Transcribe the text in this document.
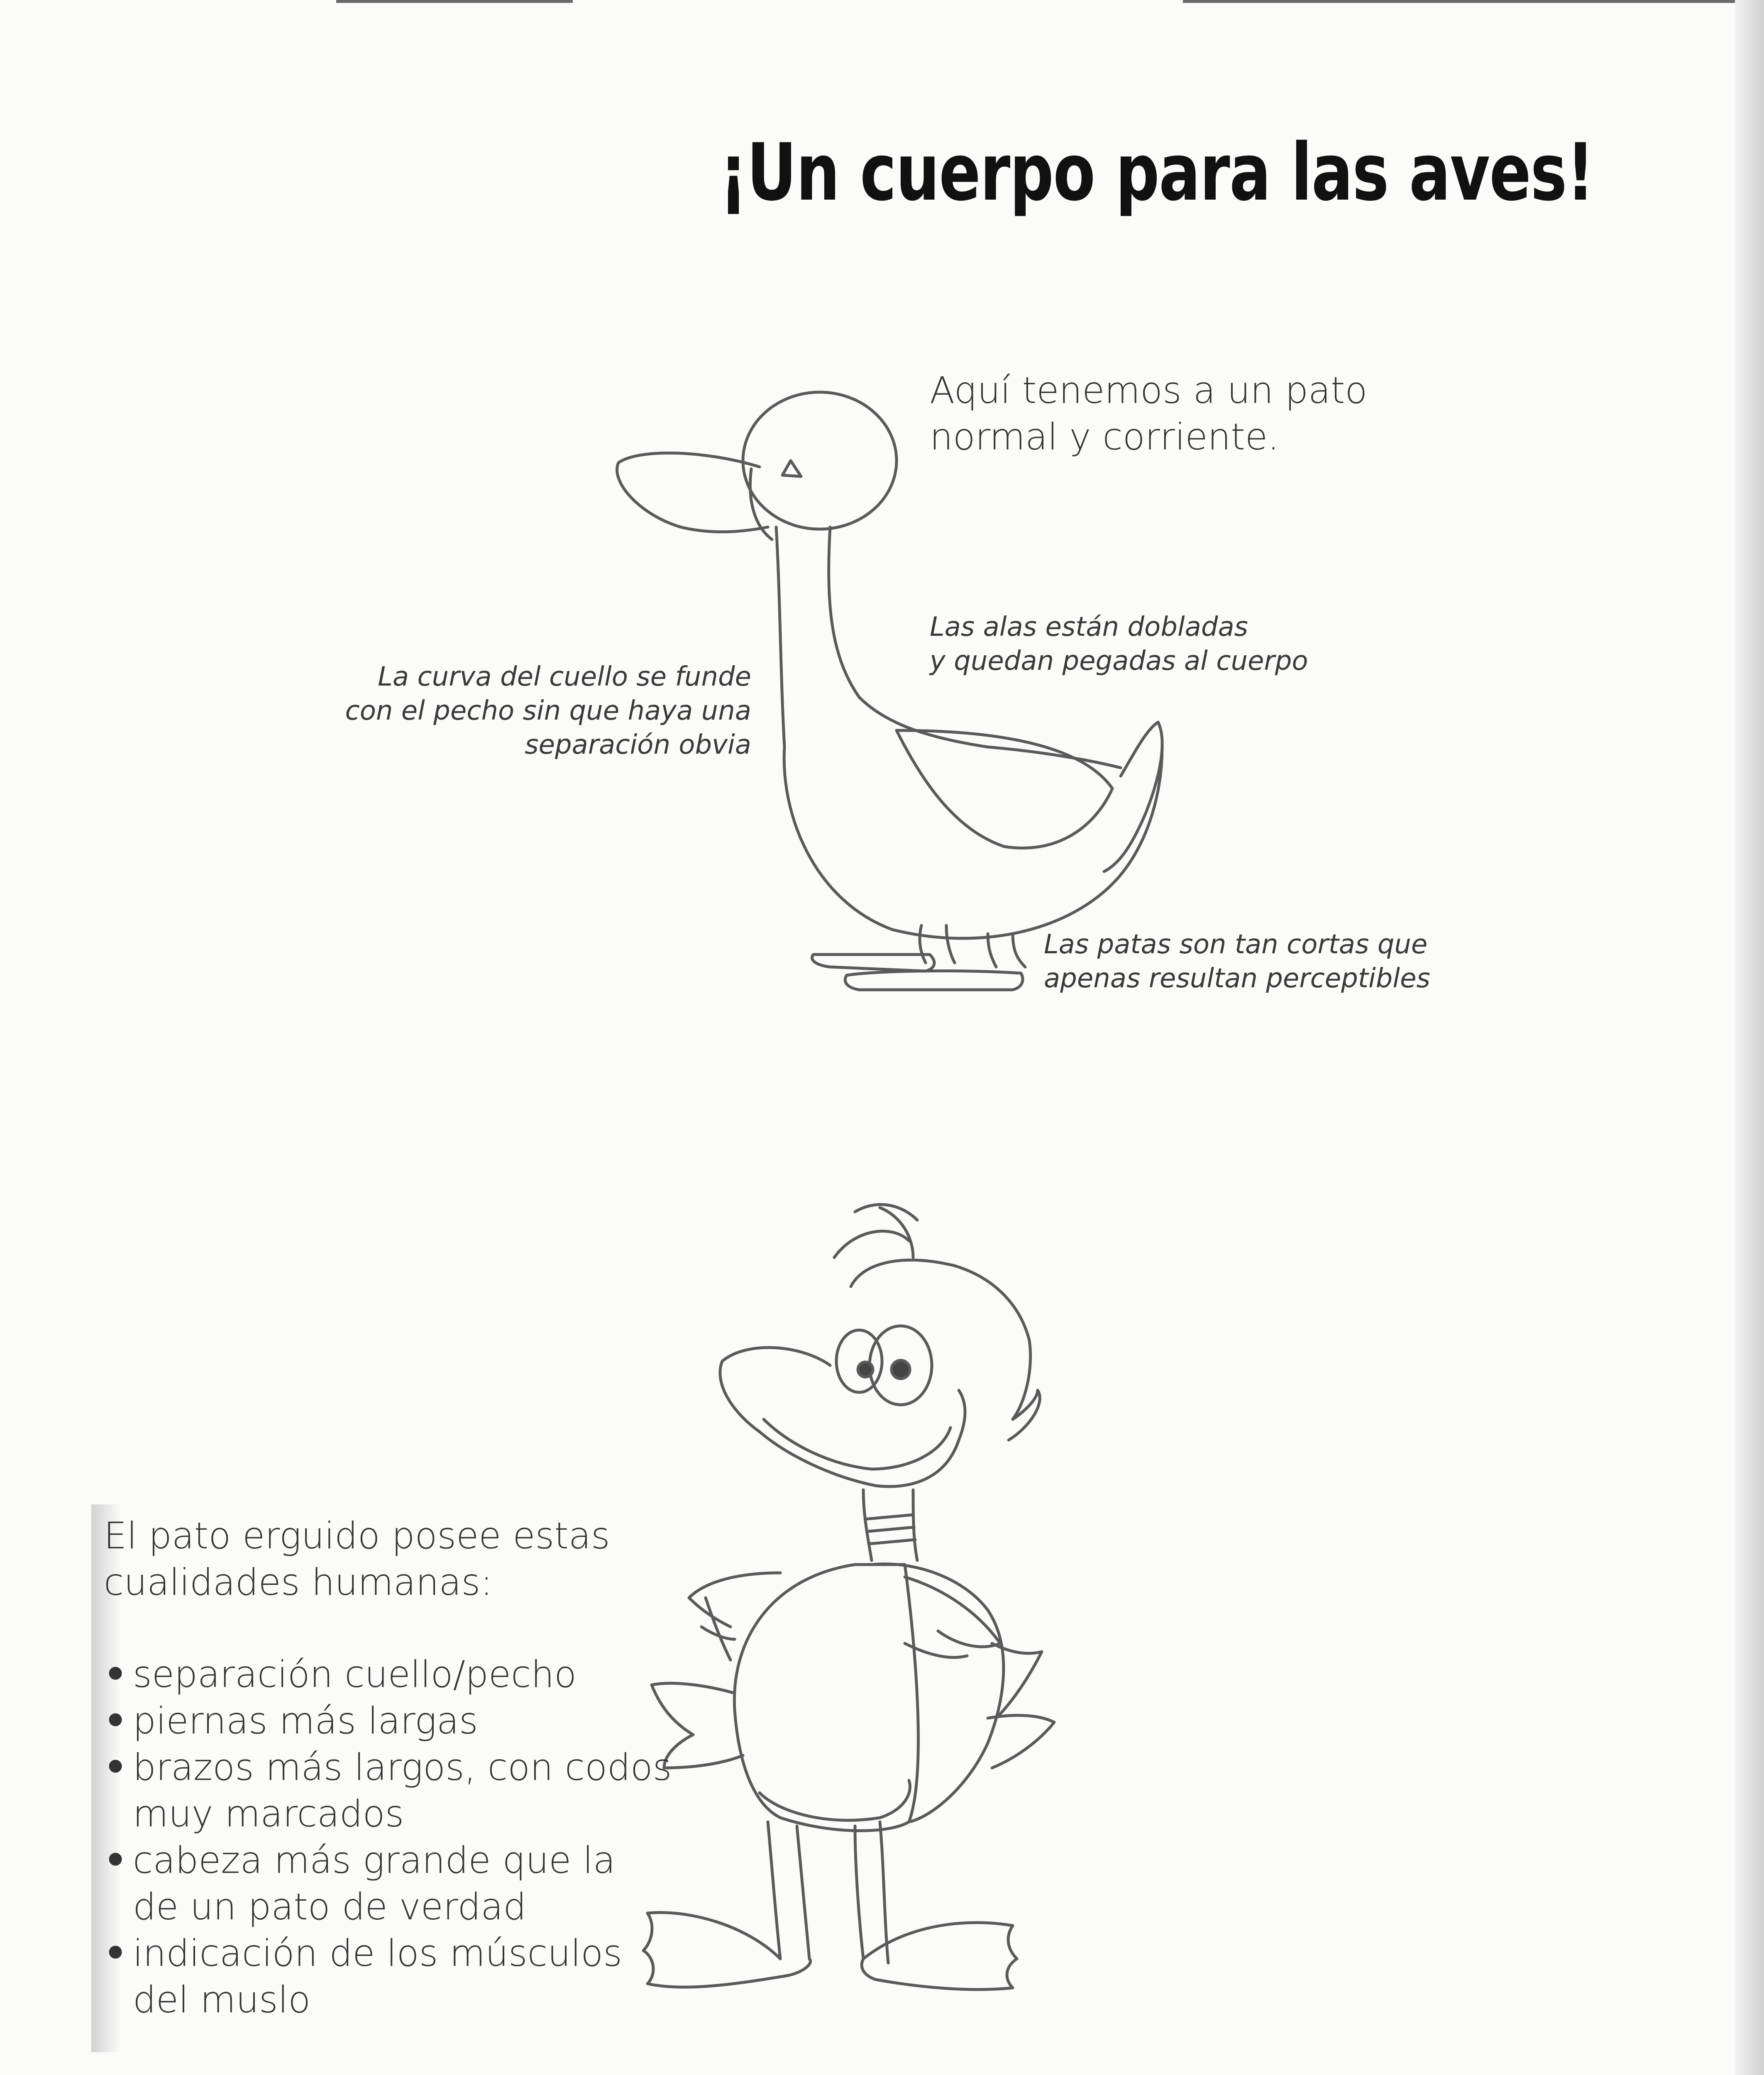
¡Un cuerpo para las aves!
Aquí tenemos a un pato
normal y corriente.
Las alas están dobladas
y quedan pegadas al cuerpo
La curva del cuello se funde
con el pecho sin que haya una
separación obvia
Las patas son tan cortas que
apenas resultan perceptibles
El pato erguido posee estas
cualidades humanas:
• separación cuello/pecho
• piernas más largas
• brazos más largos, con codos
muy marcados
• cabeza más grande que la
de un pato de verdad
• indicación de los músculos
del muslo
